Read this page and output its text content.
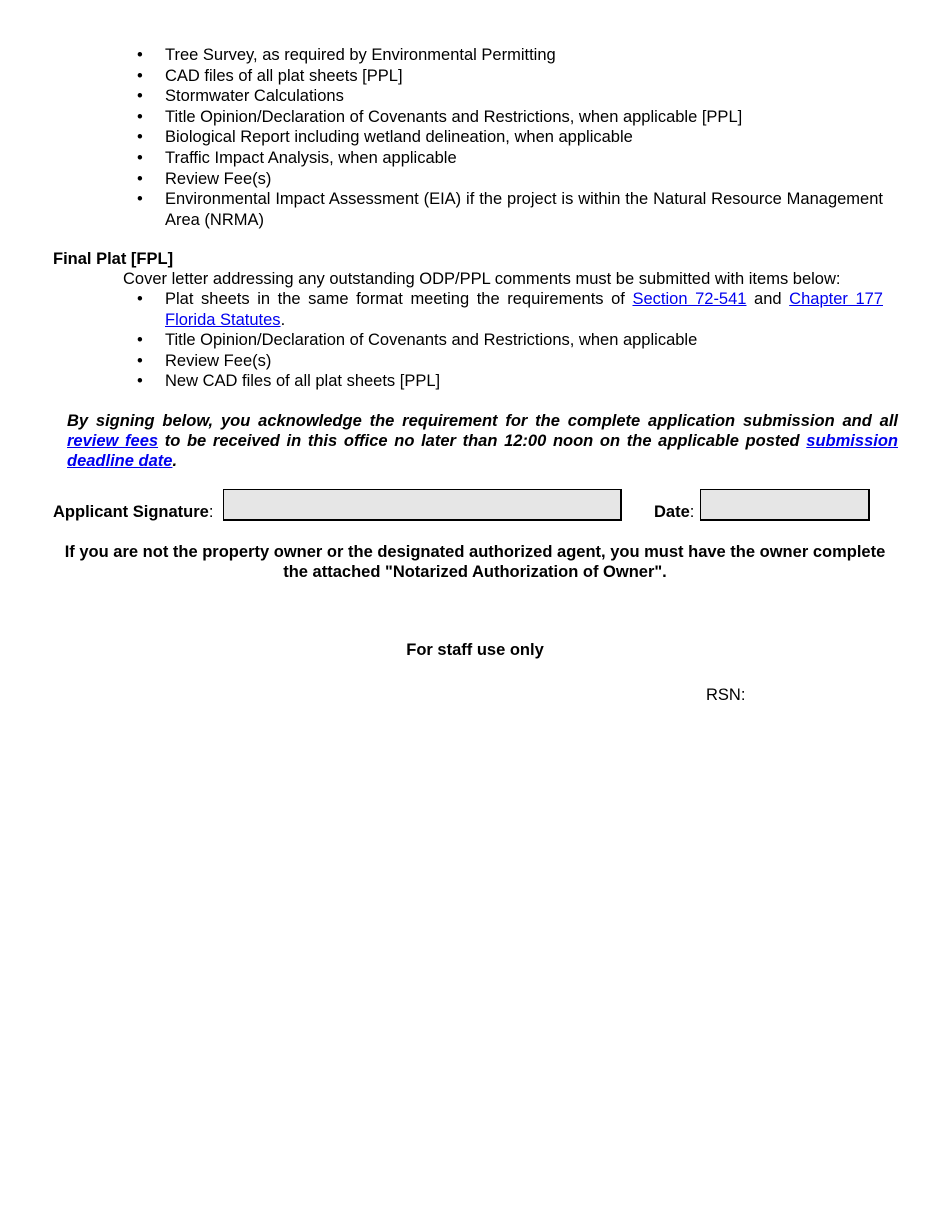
•	Tree Survey, as required by Environmental Permitting
•	CAD files of all plat sheets [PPL]
•	Stormwater Calculations
•	Title Opinion/Declaration of Covenants and Restrictions, when applicable [PPL]
•	Biological Report including wetland delineation, when applicable
•	Traffic Impact Analysis, when applicable
•	Review Fee(s)
•	Environmental Impact Assessment (EIA) if the project is within the Natural Resource Management Area (NRMA)
Final Plat [FPL]
Cover letter addressing any outstanding ODP/PPL comments must be submitted with items below:
•	Plat sheets in the same format meeting the requirements of Section 72-541 and Chapter 177 Florida Statutes.
•	Title Opinion/Declaration of Covenants and Restrictions, when applicable
•	Review Fee(s)
•	New CAD files of all plat sheets [PPL]
By signing below, you acknowledge the requirement for the complete application submission and all review fees to be received in this office no later than 12:00 noon on the applicable posted submission deadline date.
Applicant Signature:	Date:
If you are not the property owner or the designated authorized agent, you must have the owner complete the attached "Notarized Authorization of Owner".
For staff use only
RSN:
